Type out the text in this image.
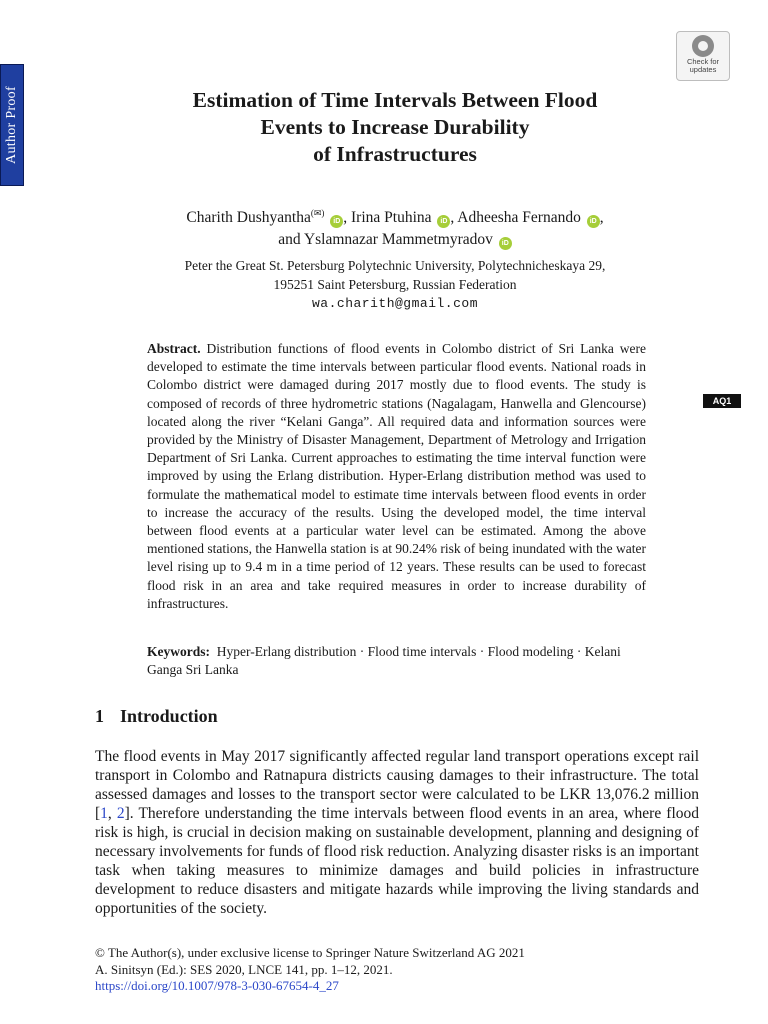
Author Proof
Check for
updates
Estimation of Time Intervals Between Flood
Events to Increase Durability
of Infrastructures
Charith Dushyantha(✉) iD , Irina Ptuhina iD , Adheesha Fernando iD ,
and Yslamnazar Mammetmyradov iD
Peter the Great St. Petersburg Polytechnic University, Polytechnicheskaya 29,
195251 Saint Petersburg, Russian Federation
wa.charith@gmail.com

Abstract. Distribution functions of flood events in Colombo district of Sri Lanka were developed to estimate the time intervals between particular flood events. National roads in Colombo district were damaged during 2017 mostly due to flood events. The study is composed of records of three hydrometric stations (Nagalagam, Hanwella and Glencourse) located along the river “Kelani Ganga”. All required data and information sources were provided by the Ministry of Disaster Management, Department of Metrology and Irrigation Department of Sri Lanka. Current approaches to estimating the time interval function were improved by using the Erlang distribution. Hyper-Erlang distribution method was used to formulate the mathematical model to estimate time intervals between flood events in order to increase the accuracy of the results. Using the developed model, the time interval between flood events at a particular water level can be estimated. Among the above mentioned stations, the Hanwella station is at 90.24% risk of being inundated with the water level rising up to 9.4 m in a time period of 12 years. These results can be used to forecast flood risk in an area and take required measures in order to increase durability of infrastructures.

AQ1

Keywords: Hyper-Erlang distribution · Flood time intervals · Flood modeling · Kelani Ganga Sri Lanka

1 Introduction

The flood events in May 2017 significantly affected regular land transport operations except rail transport in Colombo and Ratnapura districts causing damages to their infrastructure. The total assessed damages and losses to the transport sector were calculated to be LKR 13,076.2 million [1, 2]. Therefore understanding the time intervals between flood events in an area, where flood risk is high, is crucial in decision making on sustainable development, planning and designing of necessary involvements for funds of flood risk reduction. Analyzing disaster risks is an important task when taking measures to minimize damages and build policies in infrastructure development to reduce disasters and mitigate hazards while improving the living standards and opportunities of the society.

© The Author(s), under exclusive license to Springer Nature Switzerland AG 2021
A. Sinitsyn (Ed.): SES 2020, LNCE 141, pp. 1–12, 2021.
https://doi.org/10.1007/978-3-030-67654-4_27
